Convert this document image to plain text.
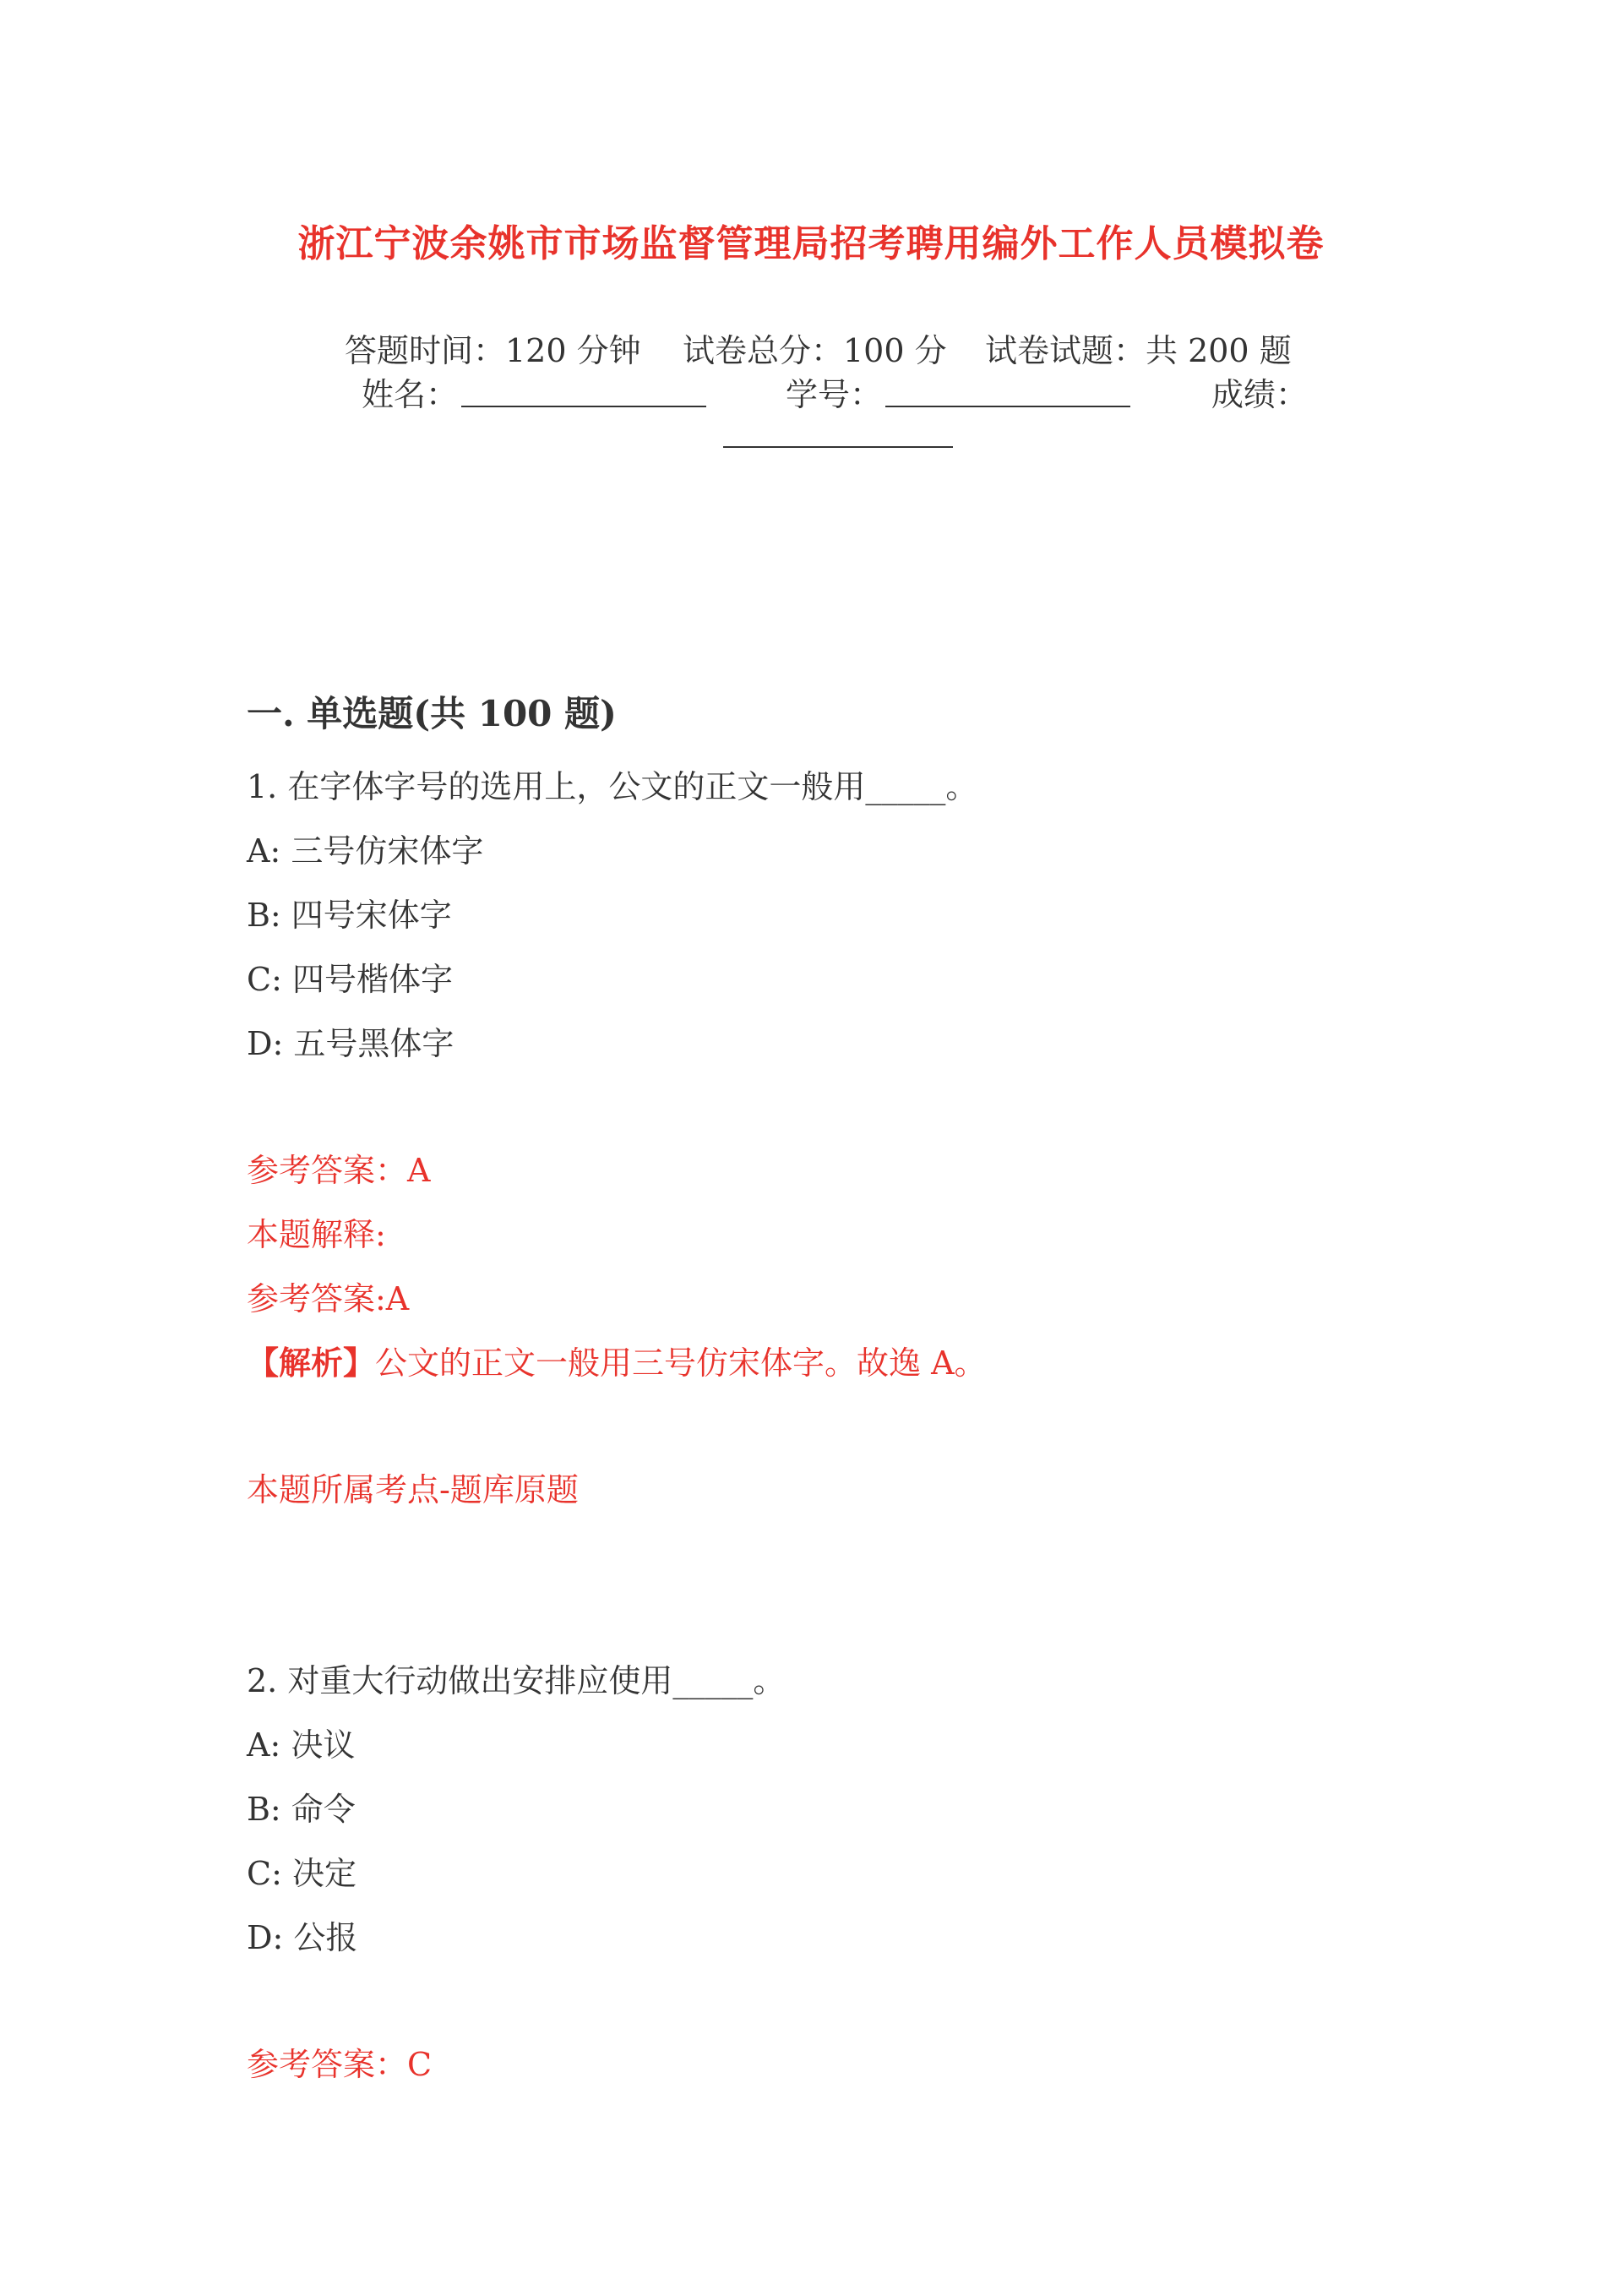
浙江宁波余姚市市场监督管理局招考聘用编外工作人员模拟卷
答题时间：120 分钟 试卷总分：100 分 试卷试题：共 200 题
姓名：	学号：	成绩：
一. 单选题(共 100 题)
1. 在字体字号的选用上，公文的正文一般用_____。
A: 三号仿宋体字
B: 四号宋体字
C: 四号楷体字
D: 五号黑体字
参考答案：A
本题解释:
参考答案:A
【解析】公文的正文一般用三号仿宋体字。故逸 A。
本题所属考点-题库原题
2. 对重大行动做出安排应使用_____。
A: 决议
B: 命令
C: 决定
D: 公报
参考答案：C
